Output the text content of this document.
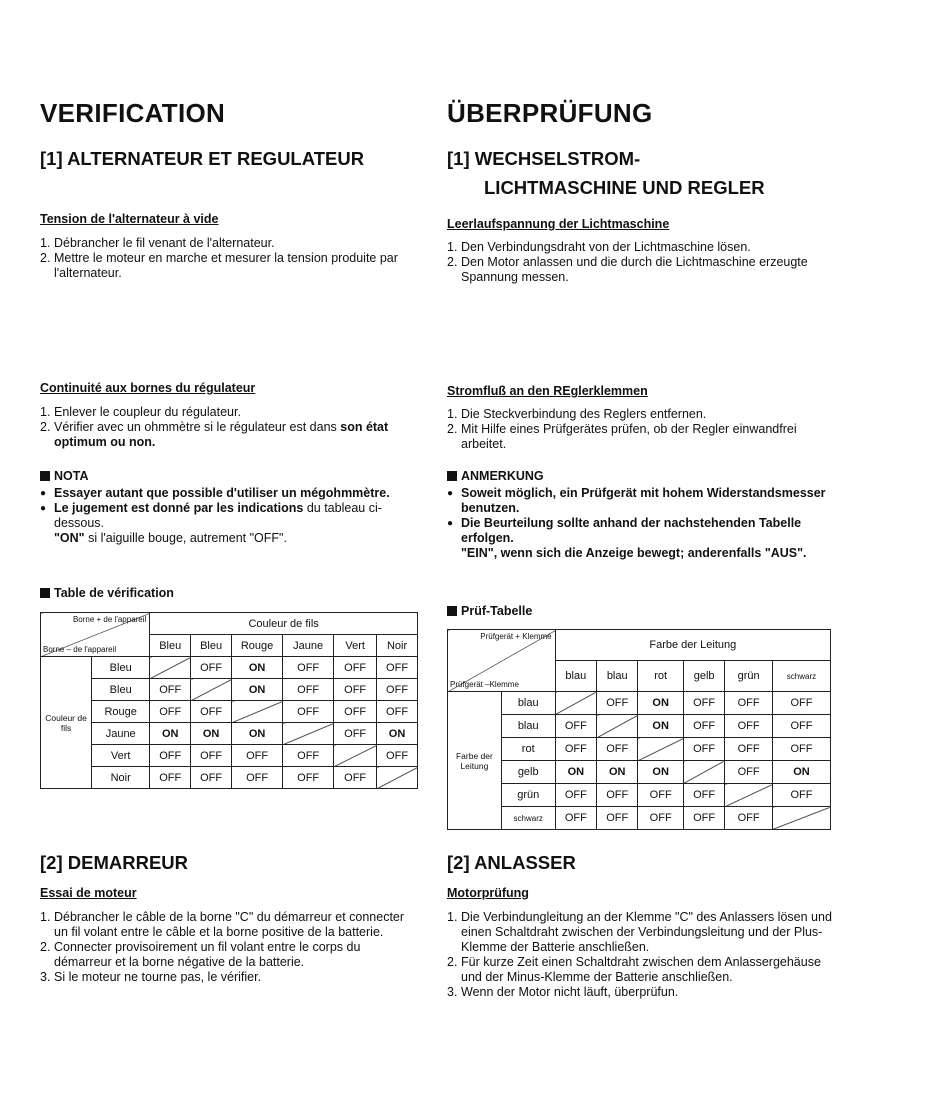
VERIFICATION
[1] ALTERNATEUR ET REGULATEUR
Tension de l'alternateur à vide
1. Débrancher le fil venant de l'alternateur.
2. Mettre le moteur en marche et mesurer la tension produite par l'alternateur.
Continuité aux bornes du régulateur
1. Enlever le coupleur du régulateur.
2. Vérifier avec un ohmmètre si le régulateur est dans son état optimum ou non.
NOTA
● Essayer autant que possible d'utiliser un mégohmmètre.
● Le jugement est donné par les indications du tableau ci-dessous.
"ON" si l'aiguille bouge, autrement "OFF".
Table de vérification
Borne + de l'appareil
Borne – de l'appareil		Couleur de fils					
		Bleu	Bleu	Rouge	Jaune	Vert	Noir
Couleur de fils	Bleu		OFF	ON	OFF	OFF	OFF
	Bleu	OFF		ON	OFF	OFF	OFF
	Rouge	OFF	OFF		OFF	OFF	OFF
	Jaune	ON	ON	ON		OFF	ON
	Vert	OFF	OFF	OFF	OFF		OFF
	Noir	OFF	OFF	OFF	OFF	OFF	
[2] DEMARREUR
Essai de moteur
1. Débrancher le câble de la borne "C" du démarreur et connecter un fil volant entre le câble et la borne positive de la batterie.
2. Connecter provisoirement un fil volant entre le corps du démarreur et la borne négative de la batterie.
3. Si le moteur ne tourne pas, le vérifier.
ÜBERPRÜFUNG
[1] WECHSELSTROM-
LICHTMASCHINE UND REGLER
Leerlaufspannung der Lichtmaschine
1. Den Verbindungsdraht von der Lichtmaschine lösen.
2. Den Motor anlassen und die durch die Lichtmaschine erzeugte Spannung messen.
Stromfluß an den REglerklemmen
1. Die Steckverbindung des Reglers entfernen.
2. Mit Hilfe eines Prüfgerätes prüfen, ob der Regler einwandfrei arbeitet.
ANMERKUNG
● Soweit möglich, ein Prüfgerät mit hohem Widerstandsmesser benutzen.
● Die Beurteilung sollte anhand der nachstehenden Tabelle erfolgen.
"EIN", wenn sich die Anzeige bewegt; anderenfalls "AUS".
Prüf-Tabelle
Prüfgerät + Klemme
Prüfgerät –Klemme		Farbe der Leitung					
		blau	blau	rot	gelb	grün	schwarz
Farbe der Leitung	blau		OFF	ON	OFF	OFF	OFF
	blau	OFF		ON	OFF	OFF	OFF
	rot	OFF	OFF		OFF	OFF	OFF
	gelb	ON	ON	ON		OFF	ON
	grün	OFF	OFF	OFF	OFF		OFF
	schwarz	OFF	OFF	OFF	OFF	OFF	
[2] ANLASSER
Motorprüfung
1. Die Verbindungleitung an der Klemme "C" des Anlassers lösen und einen Schaltdraht zwischen der Verbindungsleitung und der Plus-Klemme der Batterie anschließen.
2. Für kurze Zeit einen Schaltdraht zwischen dem Anlassergehäuse und der Minus-Klemme der Batterie anschließen.
3. Wenn der Motor nicht läuft, überprüfun.
